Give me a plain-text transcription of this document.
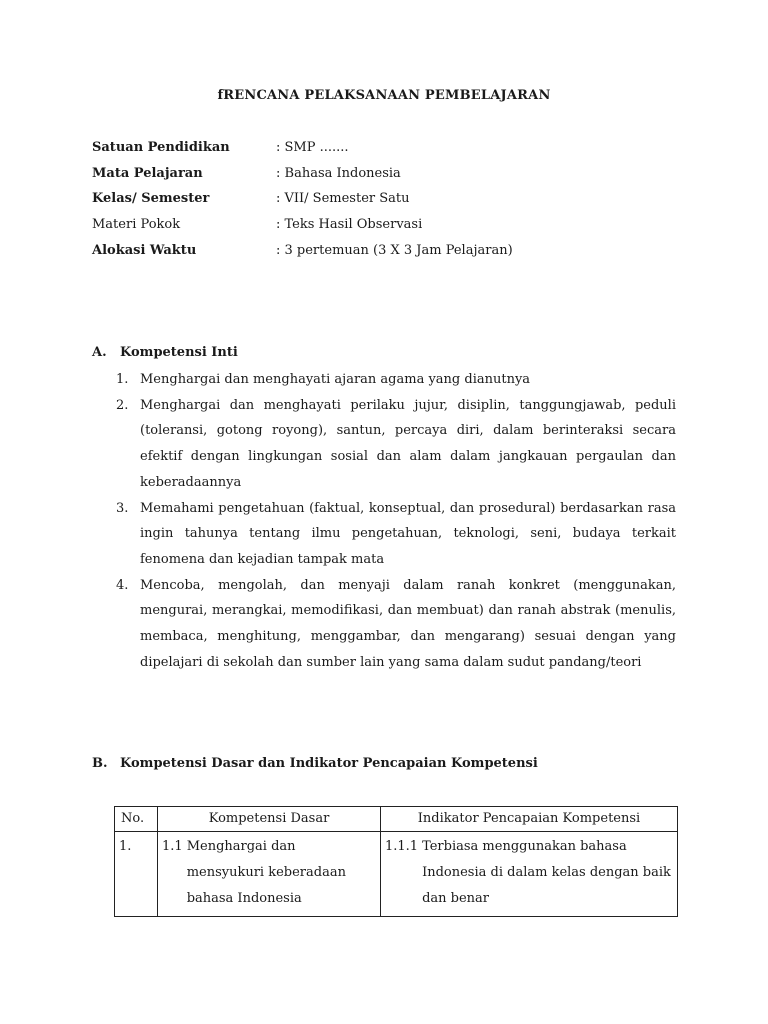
fRENCANA PELAKSANAAN PEMBELAJARAN
Satuan Pendidikan	: SMP .......
Mata Pelajaran	: Bahasa Indonesia
Kelas/ Semester	: VII/ Semester Satu
Materi Pokok	: Teks Hasil Observasi
Alokasi Waktu	: 3 pertemuan (3 X 3 Jam Pelajaran)
A. Kompetensi Inti
1. Menghargai dan menghayati ajaran agama yang dianutnya
2. Menghargai dan menghayati perilaku jujur, disiplin, tanggungjawab, peduli (toleransi, gotong royong), santun, percaya diri, dalam berinteraksi secara efektif dengan lingkungan sosial dan alam dalam jangkauan pergaulan dan keberadaannya
3. Memahami pengetahuan (faktual, konseptual, dan prosedural) berdasarkan rasa ingin tahunya tentang ilmu pengetahuan, teknologi, seni, budaya terkait fenomena dan kejadian tampak mata
4. Mencoba, mengolah, dan menyaji dalam ranah konkret (menggunakan, mengurai, merangkai, memodifikasi, dan membuat) dan ranah abstrak (menulis, membaca, menghitung, menggambar, dan mengarang) sesuai dengan yang dipelajari di sekolah dan sumber lain yang sama dalam sudut pandang/teori
B. Kompetensi Dasar dan Indikator Pencapaian Kompetensi
No.	Kompetensi Dasar	Indikator Pencapaian Kompetensi
1.	1.1 Menghargai dan mensyukuri keberadaan bahasa Indonesia	1.1.1 Terbiasa menggunakan bahasa Indonesia di dalam kelas dengan baik dan benar
